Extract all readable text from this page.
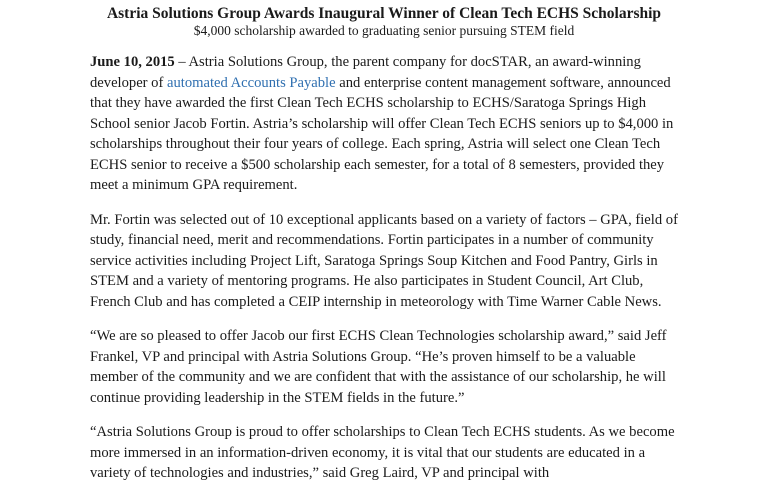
Astria Solutions Group Awards Inaugural Winner of Clean Tech ECHS Scholarship

$4,000 scholarship awarded to graduating senior pursuing STEM field

June 10, 2015 – Astria Solutions Group, the parent company for docSTAR, an award-winning developer of automated Accounts Payable and enterprise content management software, announced that they have awarded the first Clean Tech ECHS scholarship to ECHS/Saratoga Springs High School senior Jacob Fortin. Astria’s scholarship will offer Clean Tech ECHS seniors up to $4,000 in scholarships throughout their four years of college. Each spring, Astria will select one Clean Tech ECHS senior to receive a $500 scholarship each semester, for a total of 8 semesters, provided they meet a minimum GPA requirement.

Mr. Fortin was selected out of 10 exceptional applicants based on a variety of factors – GPA, field of study, financial need, merit and recommendations. Fortin participates in a number of community service activities including Project Lift, Saratoga Springs Soup Kitchen and Food Pantry, Girls in STEM and a variety of mentoring programs. He also participates in Student Council, Art Club, French Club and has completed a CEIP internship in meteorology with Time Warner Cable News.

“We are so pleased to offer Jacob our first ECHS Clean Technologies scholarship award,” said Jeff Frankel, VP and principal with Astria Solutions Group. “He’s proven himself to be a valuable member of the community and we are confident that with the assistance of our scholarship, he will continue providing leadership in the STEM fields in the future.”

“Astria Solutions Group is proud to offer scholarships to Clean Tech ECHS students. As we become more immersed in an information-driven economy, it is vital that our students are educated in a variety of technologies and industries,” said Greg Laird, VP and principal with
